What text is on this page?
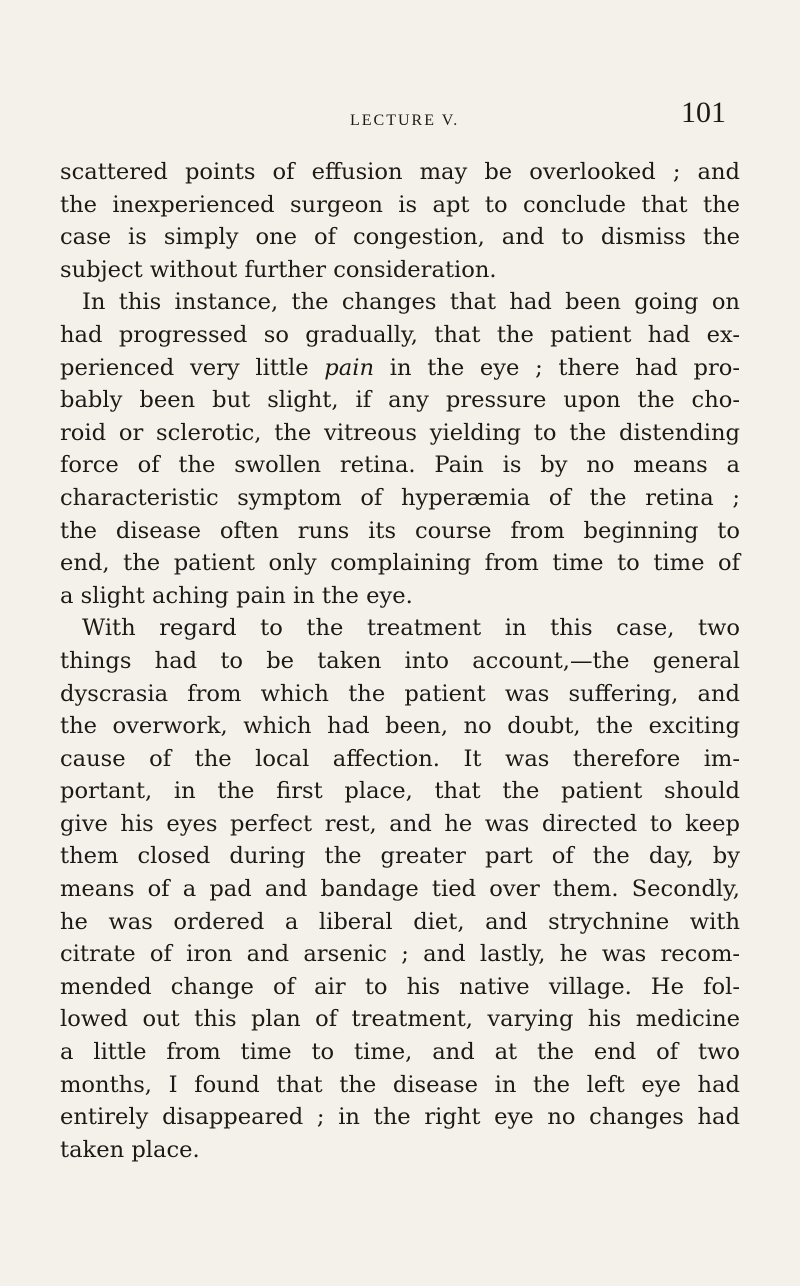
LECTURE V.	101
scattered points of effusion may be overlooked ; and
the inexperienced surgeon is apt to conclude that the
case is simply one of congestion, and to dismiss the
subject without further consideration.
In this instance, the changes that had been going on
had progressed so gradually, that the patient had ex-
perienced very little pain in the eye ; there had pro-
bably been but slight, if any pressure upon the cho-
roid or sclerotic, the vitreous yielding to the distending
force of the swollen retina. Pain is by no means a
characteristic symptom of hyperæmia of the retina ;
the disease often runs its course from beginning to
end, the patient only complaining from time to time of
a slight aching pain in the eye.
With regard to the treatment in this case, two
things had to be taken into account,—the general
dyscrasia from which the patient was suffering, and
the overwork, which had been, no doubt, the exciting
cause of the local affection. It was therefore im-
portant, in the first place, that the patient should
give his eyes perfect rest, and he was directed to keep
them closed during the greater part of the day, by
means of a pad and bandage tied over them. Secondly,
he was ordered a liberal diet, and strychnine with
citrate of iron and arsenic ; and lastly, he was recom-
mended change of air to his native village. He fol-
lowed out this plan of treatment, varying his medicine
a little from time to time, and at the end of two
months, I found that the disease in the left eye had
entirely disappeared ; in the right eye no changes had
taken place.
